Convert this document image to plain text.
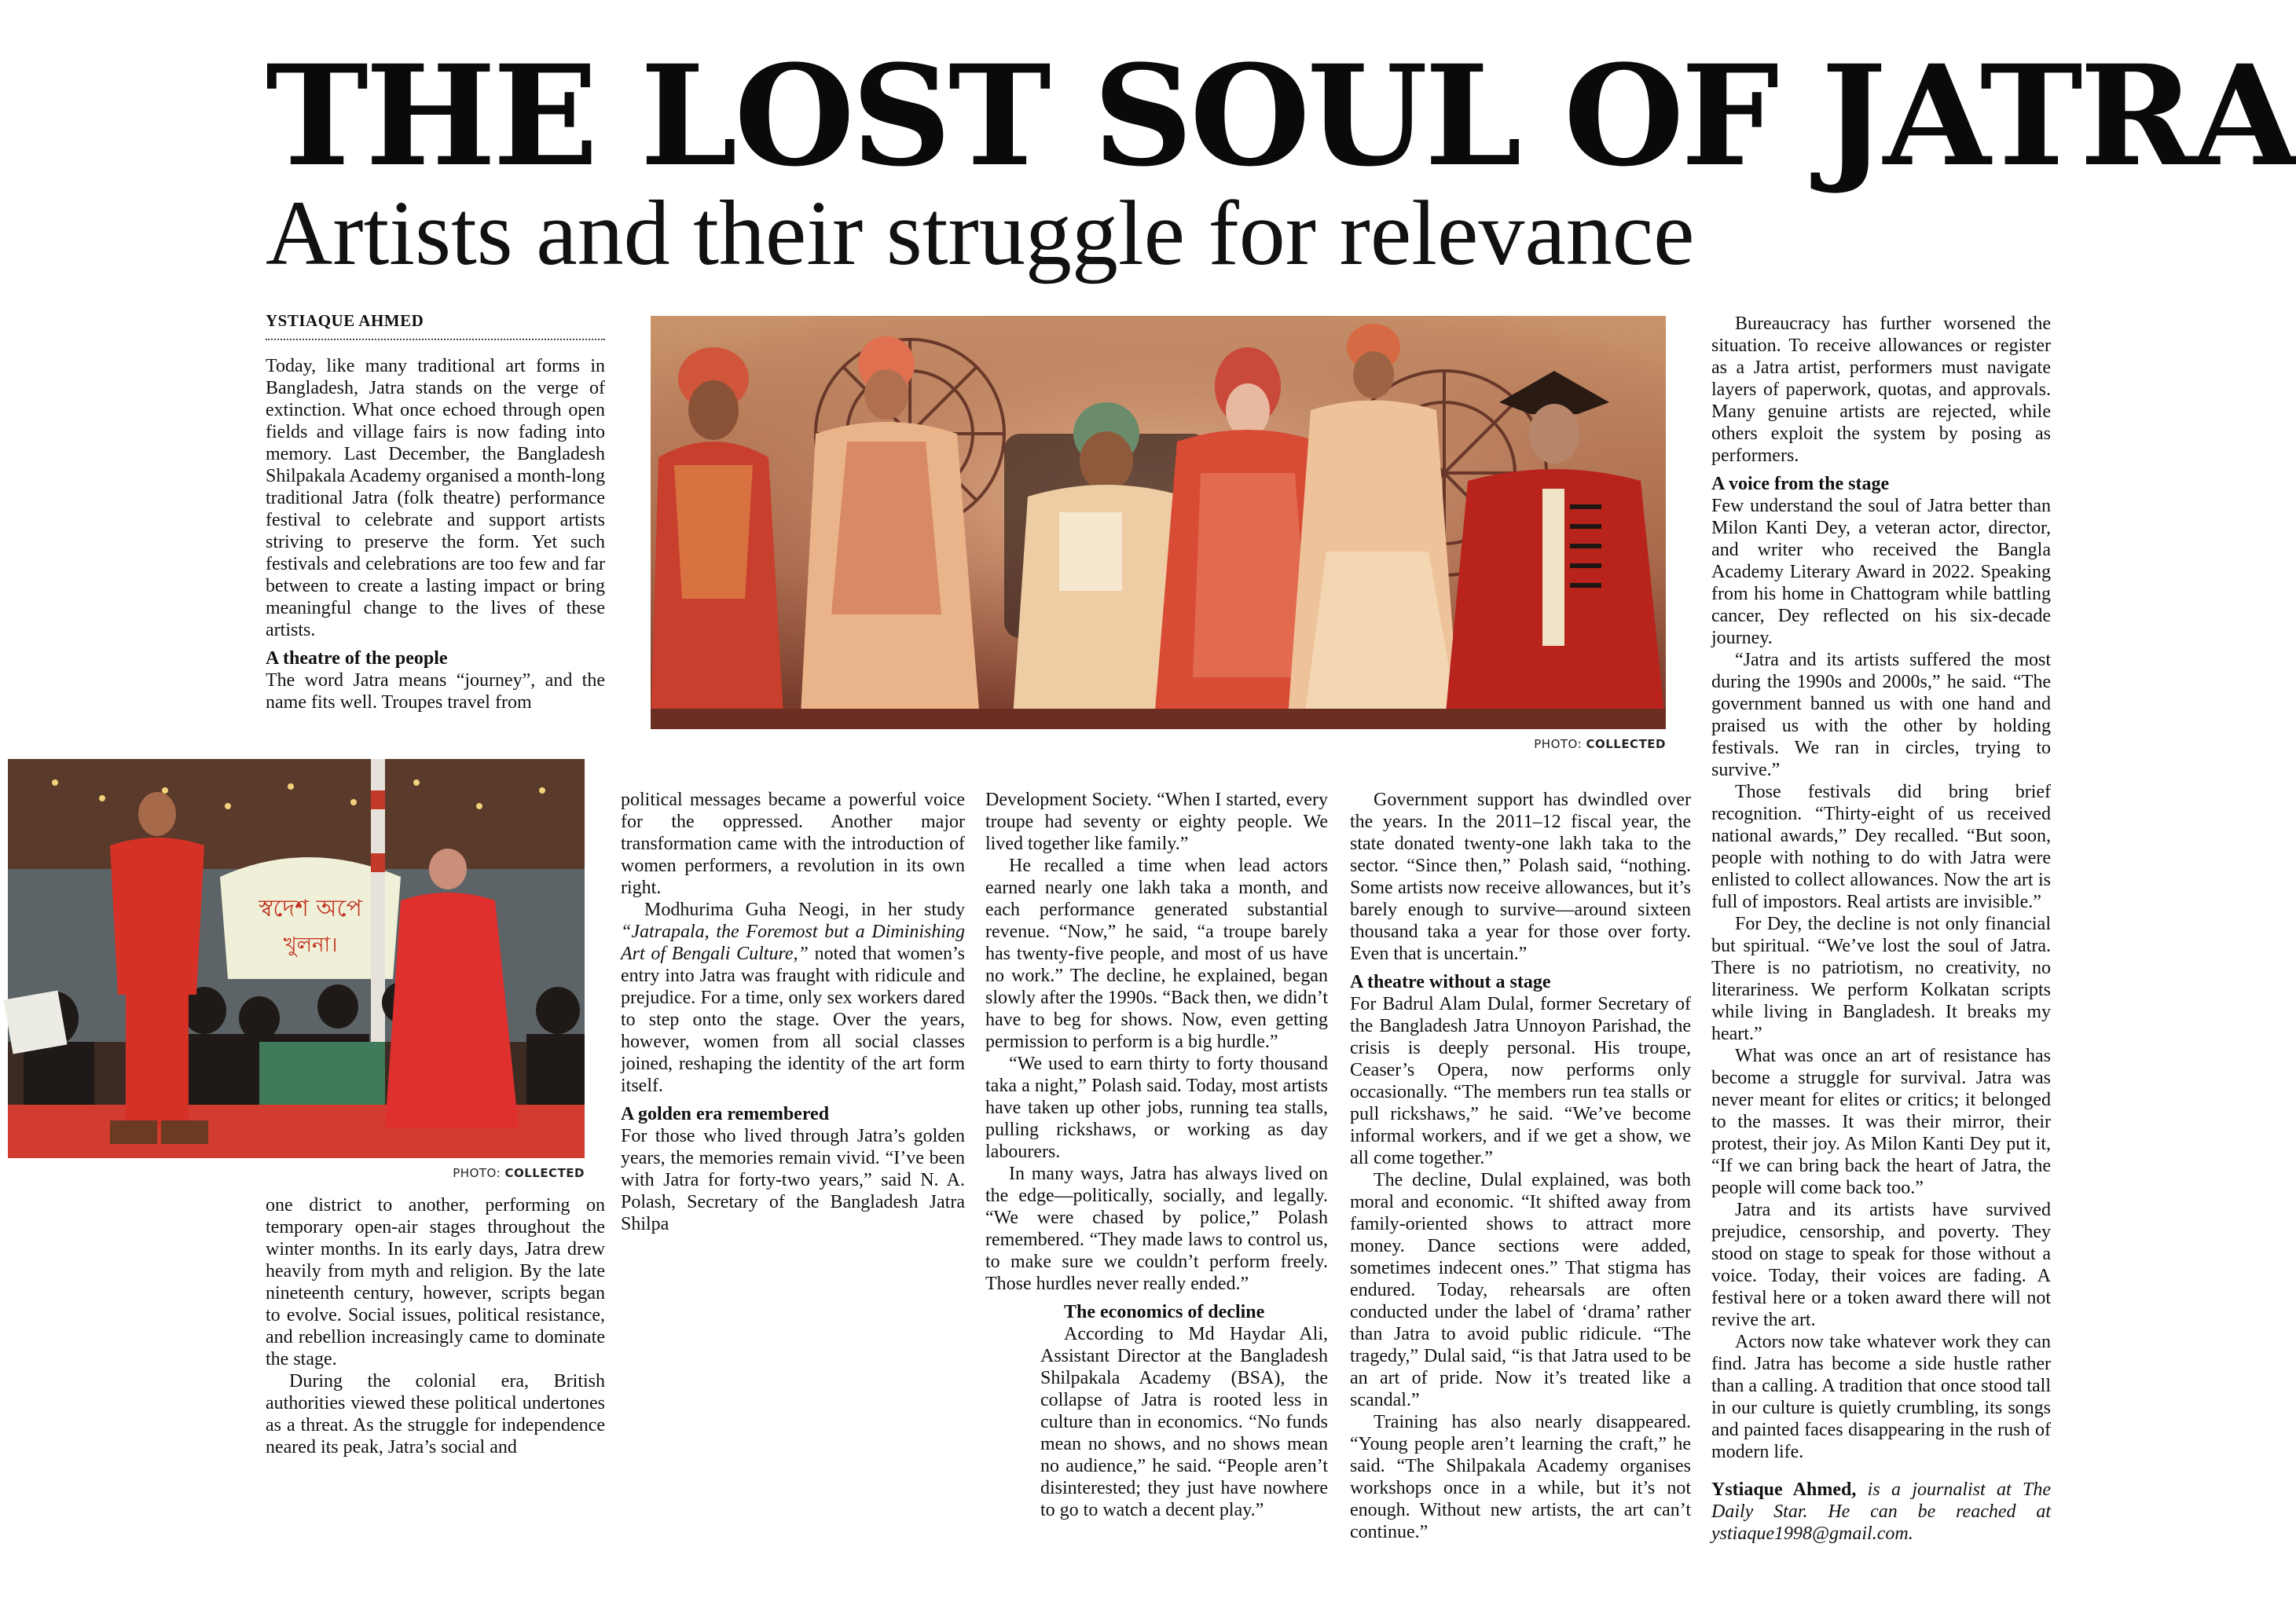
THE LOST SOUL OF JATRA
Artists and their struggle for relevance
YSTIAQUE AHMED

Today, like many traditional art forms in Bangladesh, Jatra stands on the verge of extinction. What once echoed through open fields and village fairs is now fading into memory. Last December, the Bangladesh Shilpakala Academy organised a month-long traditional Jatra (folk theatre) performance festival to celebrate and support artists striving to preserve the form. Yet such festivals and celebrations are too few and far between to create a lasting impact or bring meaningful change to the lives of these artists.

A theatre of the people

The word Jatra means “journey”, and the name fits well. Troupes travel from

PHOTO: COLLECTED
স্বদেশ অপে
খুলনা।
PHOTO: COLLECTED

one district to another, performing on temporary open-air stages throughout the winter months. In its early days, Jatra drew heavily from myth and religion. By the late nineteenth century, however, scripts began to evolve. Social issues, political resistance, and rebellion increasingly came to dominate the stage.

During the colonial era, British authorities viewed these political undertones as a threat. As the struggle for independence neared its peak, Jatra’s social and

political messages became a powerful voice for the oppressed. Another major transformation came with the introduction of women performers, a revolution in its own right.

Modhurima Guha Neogi, in her study “Jatrapala, the Foremost but a Diminishing Art of Bengali Culture,” noted that women’s entry into Jatra was fraught with ridicule and prejudice. For a time, only sex workers dared to step onto the stage. Over the years, however, women from all social classes joined, reshaping the identity of the art form itself.

A golden era remembered

For those who lived through Jatra’s golden years, the memories remain vivid. “I’ve been with Jatra for forty-two years,” said N. A. Polash, Secretary of the Bangladesh Jatra Shilpa

Development Society. “When I started, every troupe had seventy or eighty people. We lived together like family.”

He recalled a time when lead actors earned nearly one lakh taka a month, and each performance generated substantial revenue. “Now,” he said, “a troupe barely has twenty-five people, and most of us have no work.” The decline, he explained, began slowly after the 1990s. “Back then, we didn’t have to beg for shows. Now, even getting permission to perform is a big hurdle.”

“We used to earn thirty to forty thousand taka a night,” Polash said. Today, most artists have taken up other jobs, running tea stalls, pulling rickshaws, or working as day labourers.

In many ways, Jatra has always lived on the edge—politically, socially, and legally. “We were chased by police,” Polash remembered. “They made laws to control us, to make sure we couldn’t perform freely. Those hurdles never really ended.”

The economics of decline

According to Md Haydar Ali, Assistant Director at the Bangladesh Shilpakala Academy (BSA), the collapse of Jatra is rooted less in culture than in economics. “No funds mean no shows, and no shows mean no audience,” he said. “People aren’t disinterested; they just have nowhere to go to watch a decent play.”

Government support has dwindled over the years. In the 2011–12 fiscal year, the state donated twenty-one lakh taka to the sector. “Since then,” Polash said, “nothing. Some artists now receive allowances, but it’s barely enough to survive—around sixteen thousand taka a year for those over forty. Even that is uncertain.”

A theatre without a stage

For Badrul Alam Dulal, former Secretary of the Bangladesh Jatra Unnoyon Parishad, the crisis is deeply personal. His troupe, Ceaser’s Opera, now performs only occasionally. “The members run tea stalls or pull rickshaws,” he said. “We’ve become informal workers, and if we get a show, we all come together.”

The decline, Dulal explained, was both moral and economic. “It shifted away from family-oriented shows to attract more money. Dance sections were added, sometimes indecent ones.” That stigma has endured. Today, rehearsals are often conducted under the label of ‘drama’ rather than Jatra to avoid public ridicule. “The tragedy,” Dulal said, “is that Jatra used to be an art of pride. Now it’s treated like a scandal.”

Training has also nearly disappeared. “Young people aren’t learning the craft,” he said. “The Shilpakala Academy organises workshops once in a while, but it’s not enough. Without new artists, the art can’t continue.”

Bureaucracy has further worsened the situation. To receive allowances or register as a Jatra artist, performers must navigate layers of paperwork, quotas, and approvals. Many genuine artists are rejected, while others exploit the system by posing as performers.

A voice from the stage

Few understand the soul of Jatra better than Milon Kanti Dey, a veteran actor, director, and writer who received the Bangla Academy Literary Award in 2022. Speaking from his home in Chattogram while battling cancer, Dey reflected on his six-decade journey.

“Jatra and its artists suffered the most during the 1990s and 2000s,” he said. “The government banned us with one hand and praised us with the other by holding festivals. We ran in circles, trying to survive.”

Those festivals did bring brief recognition. “Thirty-eight of us received national awards,” Dey recalled. “But soon, people with nothing to do with Jatra were enlisted to collect allowances. Now the art is full of impostors. Real artists are invisible.”

For Dey, the decline is not only financial but spiritual. “We’ve lost the soul of Jatra. There is no patriotism, no creativity, no literariness. We perform Kolkatan scripts while living in Bangladesh. It breaks my heart.”

What was once an art of resistance has become a struggle for survival. Jatra was never meant for elites or critics; it belonged to the masses. It was their mirror, their protest, their joy. As Milon Kanti Dey put it, “If we can bring back the heart of Jatra, the people will come back too.”

Jatra and its artists have survived prejudice, censorship, and poverty. They stood on stage to speak for those without a voice. Today, their voices are fading. A festival here or a token award there will not revive the art.

Actors now take whatever work they can find. Jatra has become a side hustle rather than a calling. A tradition that once stood tall in our culture is quietly crumbling, its songs and painted faces disappearing in the rush of modern life.

Ystiaque Ahmed, is a journalist at The Daily Star. He can be reached at ystiaque1998@gmail.com.
